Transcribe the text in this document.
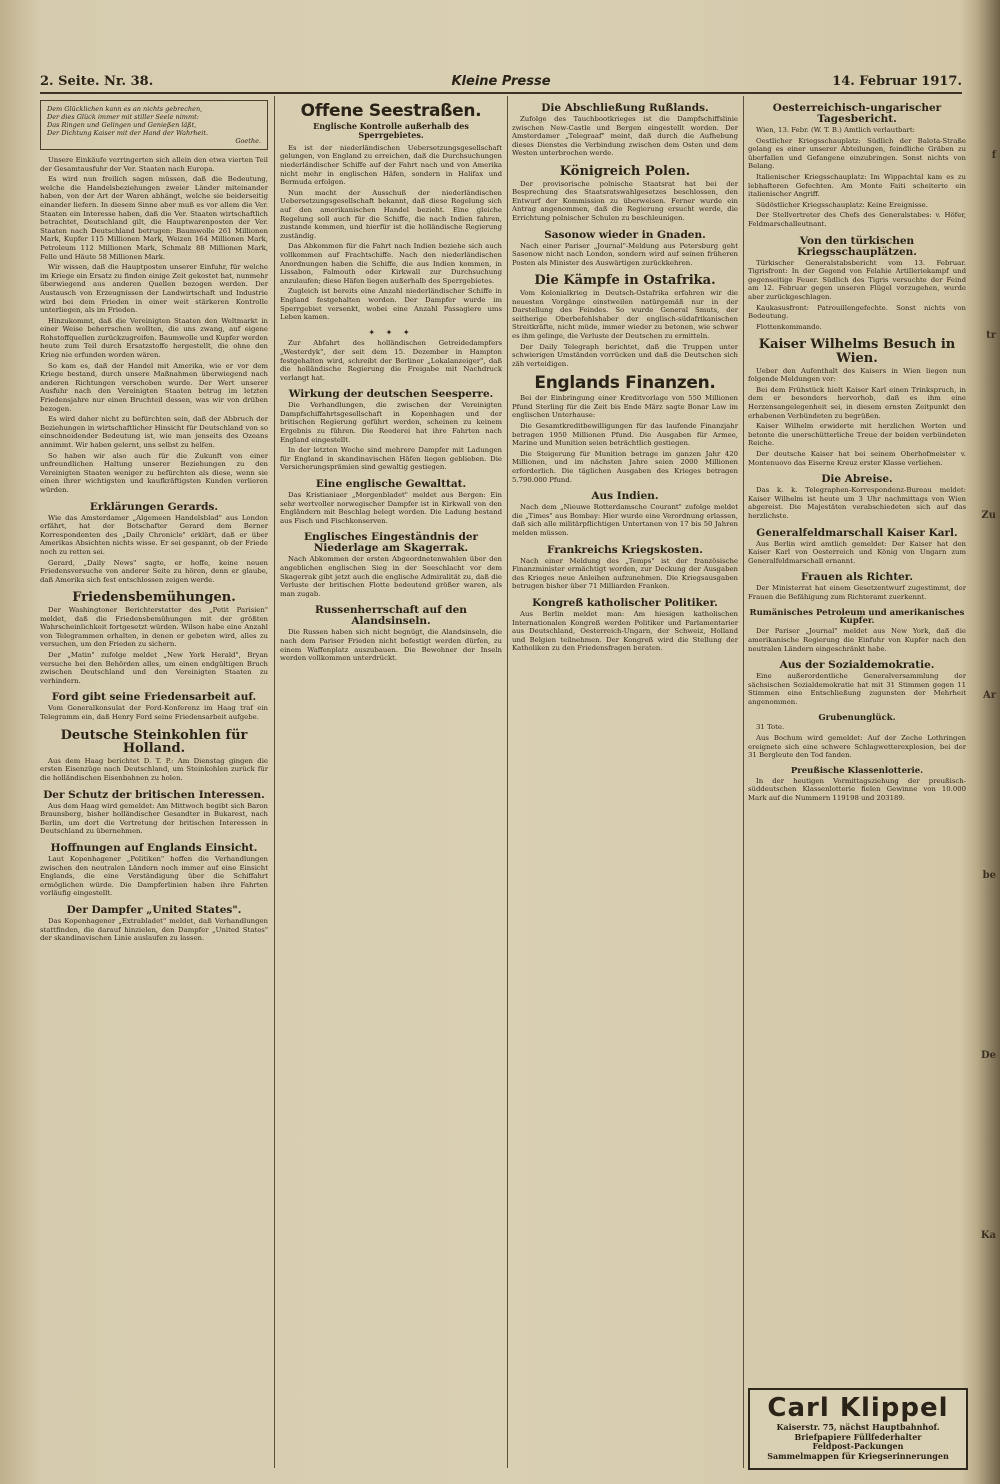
f
tr
Zu
Ar
be
De
Ka
2. Seite. Nr. 38.	Kleine Presse	14. Februar 1917.
Dem Glücklichen kann es an nichts gebrechen,
Der dies Glück immer mit stiller Seele nimmt:
Das Ringen und Gelingen und Genießen läßt,
Der Dichtung Kaiser mit der Hand der Wahrheit.
Goethe.

Unsere Einkäufe verringerten sich allein den etwa vierten Teil der Gesamtausfuhr der Ver. Staaten nach Europa.

Es wird nun freilich sagen müssen, daß die Bedeutung, welche die Handelsbeziehungen zweier Länder miteinander haben, von der Art der Waren abhängt, welche sie beiderseitig einander liefern. In diesem Sinne aber muß es vor allem die Ver. Staaten ein Interesse haben, daß die Ver. Staaten wirtschaftlich betrachtet, Deutschland gilt, die Hauptwarenposten der Ver. Staaten nach Deutschland betrugen: Baumwolle 261 Millionen Mark, Kupfer 115 Millionen Mark, Weizen 164 Millionen Mark, Petroleum 112 Millionen Mark, Schmalz 88 Millionen Mark, Felle und Häute 58 Millionen Mark.

Wir wissen, daß die Hauptposten unserer Einfuhr, für welche im Kriege ein Ersatz zu finden einige Zeit gekostet hat, nunmehr überwiegend aus anderen Quellen bezogen werden. Der Austausch von Erzeugnissen der Landwirtschaft und Industrie wird bei dem Frieden in einer weit stärkeren Kontrolle unterliegen, als im Frieden.

Hinzukommt, daß die Vereinigten Staaten den Weltmarkt in einer Weise beherrschen wollten, die uns zwang, auf eigene Rohstoffquellen zurückzugreifen. Baumwolle und Kupfer werden heute zum Teil durch Ersatzstoffe hergestellt, die ohne den Krieg nie erfunden worden wären.

So kam es, daß der Handel mit Amerika, wie er vor dem Kriege bestand, durch unsere Maßnahmen überwiegend nach anderen Richtungen verschoben wurde. Der Wert unserer Ausfuhr nach den Vereinigten Staaten betrug im letzten Friedensjahre nur einen Bruchteil dessen, was wir von drüben bezogen.

Es wird daher nicht zu befürchten sein, daß der Abbruch der Beziehungen in wirtschaftlicher Hinsicht für Deutschland von so einschneidender Bedeutung ist, wie man jenseits des Ozeans annimmt. Wir haben gelernt, uns selbst zu helfen.

So haben wir also auch für die Zukunft von einer unfreundlichen Haltung unserer Beziehungen zu den Vereinigten Staaten weniger zu befürchten als diese, wenn sie einen ihrer wichtigsten und kaufkräftigsten Kunden verlieren würden.

Erklärungen Gerards.

Wie das Amsterdamer „Algemeen Handelsblad" aus London erfährt, hat der Botschafter Gerard dem Berner Korrespondenten des „Daily Chronicle" erklärt, daß er über Amerikas Absichten nichts wisse. Er sei gespannt, ob der Friede noch zu retten sei.

Gerard, „Daily News" sagte, er hoffe, keine neuen Friedensversuche von anderer Seite zu hören, denn er glaube, daß Amerika sich fest entschlossen zeigen werde.

Friedensbemühungen.

Der Washingtoner Berichterstatter des „Petit Parisien" meldet, daß die Friedensbemühungen mit der größten Wahrscheinlichkeit fortgesetzt würden. Wilson habe eine Anzahl von Telegrammen erhalten, in denen er gebeten wird, alles zu versuchen, um den Frieden zu sichern.

Der „Matin" zufolge meldet „New York Herald", Bryan versuche bei den Behörden alles, um einen endgültigen Bruch zwischen Deutschland und den Vereinigten Staaten zu verhindern.

Ford gibt seine Friedensarbeit auf.

Vom Generalkonsulat der Ford-Konferenz im Haag traf ein Telegramm ein, daß Henry Ford seine Friedensarbeit aufgebe.

Deutsche Steinkohlen für Holland.

Aus dem Haag berichtet D. T. P.: Am Dienstag gingen die ersten Eisenzüge nach Deutschland, um Steinkohlen zurück für die holländischen Eisenbahnen zu holen.

Der Schutz der britischen Interessen.

Aus dem Haag wird gemeldet: Am Mittwoch begibt sich Baron Braunsberg, bisher holländischer Gesandter in Bukarest, nach Berlin, um dort die Vertretung der britischen Interessen in Deutschland zu übernehmen.

Hoffnungen auf Englands Einsicht.

Laut Kopenhagener „Politiken" hoffen die Verhandlungen zwischen den neutralen Ländern noch immer auf eine Einsicht Englands, die eine Verständigung über die Schiffahrt ermöglichen würde. Die Dampferlinien haben ihre Fahrten vorläufig eingestellt.

Der Dampfer „United States".

Das Kopenhagener „Extrabladet" meldet, daß Verhandlungen stattfinden, die darauf hinzielen, den Dampfer „United States" der skandinavischen Linie auslaufen zu lassen.

Offene Seestraßen.
Englische Kontrolle außerhalb des Sperrgebietes.

Es ist der niederländischen Uebersetzungsgesellschaft gelungen, von England zu erreichen, daß die Durchsuchungen niederländischer Schiffe auf der Fahrt nach und von Amerika nicht mehr in englischen Häfen, sondern in Halifax und Bermuda erfolgen.

Nun macht der Ausschuß der niederländischen Uebersetzungsgesellschaft bekannt, daß diese Regelung sich auf den amerikanischen Handel bezieht. Eine gleiche Regelung soll auch für die Schiffe, die nach Indien fahren, zustande kommen, und hierfür ist die holländische Regierung zuständig.

Das Abkommen für die Fahrt nach Indien beziehe sich auch vollkommen auf Frachtschiffe. Nach den niederländischen Anordnungen haben die Schiffe, die aus Indien kommen, in Lissabon, Falmouth oder Kirkwall zur Durchsuchung anzulaufen; diese Häfen liegen außerhalb des Sperrgebietes.

Zugleich ist bereits eine Anzahl niederländischer Schiffe in England festgehalten worden. Der Dampfer wurde im Sperrgebiet versenkt, wobei eine Anzahl Passagiere ums Leben kamen.

✦ ✦ ✦

Zur Abfahrt des holländischen Getreidedampfers „Westerdyk", der seit dem 15. Dezember in Hampton festgehalten wird, schreibt der Berliner „Lokalanzeiger", daß die holländische Regierung die Freigabe mit Nachdruck verlangt hat.

Wirkung der deutschen Seesperre.

Die Verhandlungen, die zwischen der Vereinigten Dampfschiffahrtsgesellschaft in Kopenhagen und der britischen Regierung geführt werden, scheinen zu keinem Ergebnis zu führen. Die Reederei hat ihre Fahrten nach England eingestellt.

In der letzten Woche sind mehrere Dampfer mit Ladungen für England in skandinavischen Häfen liegen geblieben. Die Versicherungsprämien sind gewaltig gestiegen.

Eine englische Gewalttat.

Das Kristianiaer „Morgenbladet" meldet aus Bergen: Ein sehr wertvoller norwegischer Dampfer ist in Kirkwall von den Engländern mit Beschlag belegt worden. Die Ladung bestand aus Fisch und Fischkonserven.

Englisches Eingeständnis der Niederlage am Skagerrak.

Nach Abkommen der ersten Abgeordnetenwahlen über den angeblichen englischen Sieg in der Seeschlacht vor dem Skagerrak gibt jetzt auch die englische Admiralität zu, daß die Verluste der britischen Flotte bedeutend größer waren, als man zugab.

Russenherrschaft auf den Alandsinseln.

Die Russen haben sich nicht begnügt, die Alandsinseln, die nach dem Pariser Frieden nicht befestigt werden dürfen, zu einem Waffenplatz auszubauen. Die Bewohner der Inseln werden vollkommen unterdrückt.

Die Abschließung Rußlands.

Zufolge des Tauchbootkrieges ist die Dampfschiffslinie zwischen New-Castle und Bergen eingestellt worden. Der Amsterdamer „Telegraaf" meint, daß durch die Aufhebung dieses Dienstes die Verbindung zwischen dem Osten und dem Westen unterbrochen werde.

Königreich Polen.

Der provisorische polnische Staatsrat hat bei der Besprechung des Staatsratswahlgesetzes beschlossen, den Entwurf der Kommission zu überweisen. Ferner wurde ein Antrag angenommen, daß die Regierung ersucht werde, die Errichtung polnischer Schulen zu beschleunigen.

Sasonow wieder in Gnaden.

Nach einer Pariser „Journal"-Meldung aus Petersburg geht Sasonow nicht nach London, sondern wird auf seinen früheren Posten als Minister des Auswärtigen zurückkehren.

Die Kämpfe in Ostafrika.

Vom Kolonialkrieg in Deutsch-Ostafrika erfahren wir die neuesten Vorgänge einstweilen natürgemäß nur in der Darstellung des Feindes. So wurde General Smuts, der seitherige Oberbefehlshaber der englisch-südafrikanischen Streitkräfte, nicht müde, immer wieder zu betonen, wie schwer es ihm gelinge, die Verluste der Deutschen zu ermitteln.

Der Daily Telegraph berichtet, daß die Truppen unter schwierigen Umständen vorrücken und daß die Deutschen sich zäh verteidigen.

Englands Finanzen.

Bei der Einbringung einer Kreditvorlage von 550 Millionen Pfund Sterling für die Zeit bis Ende März sagte Bonar Law im englischen Unterhause:

Die Gesamtkreditbewilligungen für das laufende Finanzjahr betragen 1950 Millionen Pfund. Die Ausgaben für Armee, Marine und Munition seien beträchtlich gestiegen.

Die Steigerung für Munition betrage im ganzen Jahr 420 Millionen, und im nächsten Jahre seien 2000 Millionen erforderlich. Die täglichen Ausgaben des Krieges betragen 5.790.000 Pfund.

Aus Indien.

Nach dem „Nieuwe Rotterdamsche Courant" zufolge meldet die „Times" aus Bombay: Hier wurde eine Verordnung erlassen, daß sich alle militärpflichtigen Untertanen von 17 bis 50 Jahren melden müssen.

Frankreichs Kriegskosten.

Nach einer Meldung des „Temps" ist der französische Finanzminister ermächtigt worden, zur Deckung der Ausgaben des Krieges neue Anleihen aufzunehmen. Die Kriegsausgaben betrugen bisher über 71 Milliarden Franken.

Kongreß katholischer Politiker.

Aus Berlin meldet man: Am hiesigen katholischen Internationalen Kongreß werden Politiker und Parlamentarier aus Deutschland, Oesterreich-Ungarn, der Schweiz, Holland und Belgien teilnehmen. Der Kongreß wird die Stellung der Katholiken zu den Friedensfragen beraten.

Oesterreichisch-ungarischer Tagesbericht.

Wien, 13. Febr. (W. T. B.) Amtlich verlautbart:

Oestlicher Kriegsschauplatz: Südlich der Balota-Straße gelang es einer unserer Abteilungen, feindliche Gräben zu überfallen und Gefangene einzubringen. Sonst nichts von Belang.

Italienischer Kriegsschauplatz: Im Wippachtal kam es zu lebhafteren Gefechten. Am Monte Faiti scheiterte ein italienischer Angriff.

Südöstlicher Kriegsschauplatz: Keine Ereignisse.

Der Stellvertreter des Chefs des Generalstabes: v. Höfer, Feldmarschalleutnant.

Von den türkischen Kriegsschauplätzen.

Türkischer Generalstabsbericht vom 13. Februar. Tigrisfront: In der Gegend von Felahie Artilleriekampf und gegenseitige Feuer. Südlich des Tigris versuchte der Feind am 12. Februar gegen unseren Flügel vorzugehen, wurde aber zurückgeschlagen.

Kaukasusfront: Patrouillengefechte. Sonst nichts von Bedeutung.

Flottenkommando.

Kaiser Wilhelms Besuch in Wien.

Ueber den Aufenthalt des Kaisers in Wien liegen nun folgende Meldungen vor:

Bei dem Frühstück hielt Kaiser Karl einen Trinkspruch, in dem er besonders hervorhob, daß es ihm eine Herzensangelegenheit sei, in diesem ernsten Zeitpunkt den erhabenen Verbündeten zu begrüßen.

Kaiser Wilhelm erwiderte mit herzlichen Worten und betonte die unerschütterliche Treue der beiden verbündeten Reiche.

Der deutsche Kaiser hat bei seinem Oberhofmeister v. Montenuovo das Eiserne Kreuz erster Klasse verliehen.

Die Abreise.

Das k. k. Telegraphen-Korrespondenz-Bureau meldet: Kaiser Wilhelm ist heute um 3 Uhr nachmittags von Wien abgereist. Die Majestäten verabschiedeten sich auf das herzlichste.

Generalfeldmarschall Kaiser Karl.

Aus Berlin wird amtlich gemeldet: Der Kaiser hat den Kaiser Karl von Oesterreich und König von Ungarn zum Generalfeldmarschall ernannt.

Frauen als Richter.

Der Ministerrat hat einem Gesetzentwurf zugestimmt, der Frauen die Befähigung zum Richteramt zuerkennt.

Rumänisches Petroleum und amerikanisches Kupfer.

Der Pariser „Journal" meldet aus New York, daß die amerikanische Regierung die Einfuhr von Kupfer nach den neutralen Ländern eingeschränkt habe.

Aus der Sozialdemokratie.

Eine außerordentliche Generalversammlung der sächsischen Sozialdemokratie hat mit 31 Stimmen gegen 11 Stimmen eine Entschließung zugunsten der Mehrheit angenommen.

Grubenunglück.

31 Tote.

Aus Bochum wird gemeldet: Auf der Zeche Lothringen ereignete sich eine schwere Schlagwetterexplosion, bei der 31 Bergleute den Tod fanden.

Preußische Klassenlotterie.

In der heutigen Vormittagsziehung der preußisch-süddeutschen Klassenlotterie fielen Gewinne von 10.000 Mark auf die Nummern 119198 und 203189.

Carl Klippel
Kaiserstr. 75, nächst Hauptbahnhof.
Briefpapiere Füllfederhalter
Feldpost-Packungen
Sammelmappen für Kriegserinnerungen
